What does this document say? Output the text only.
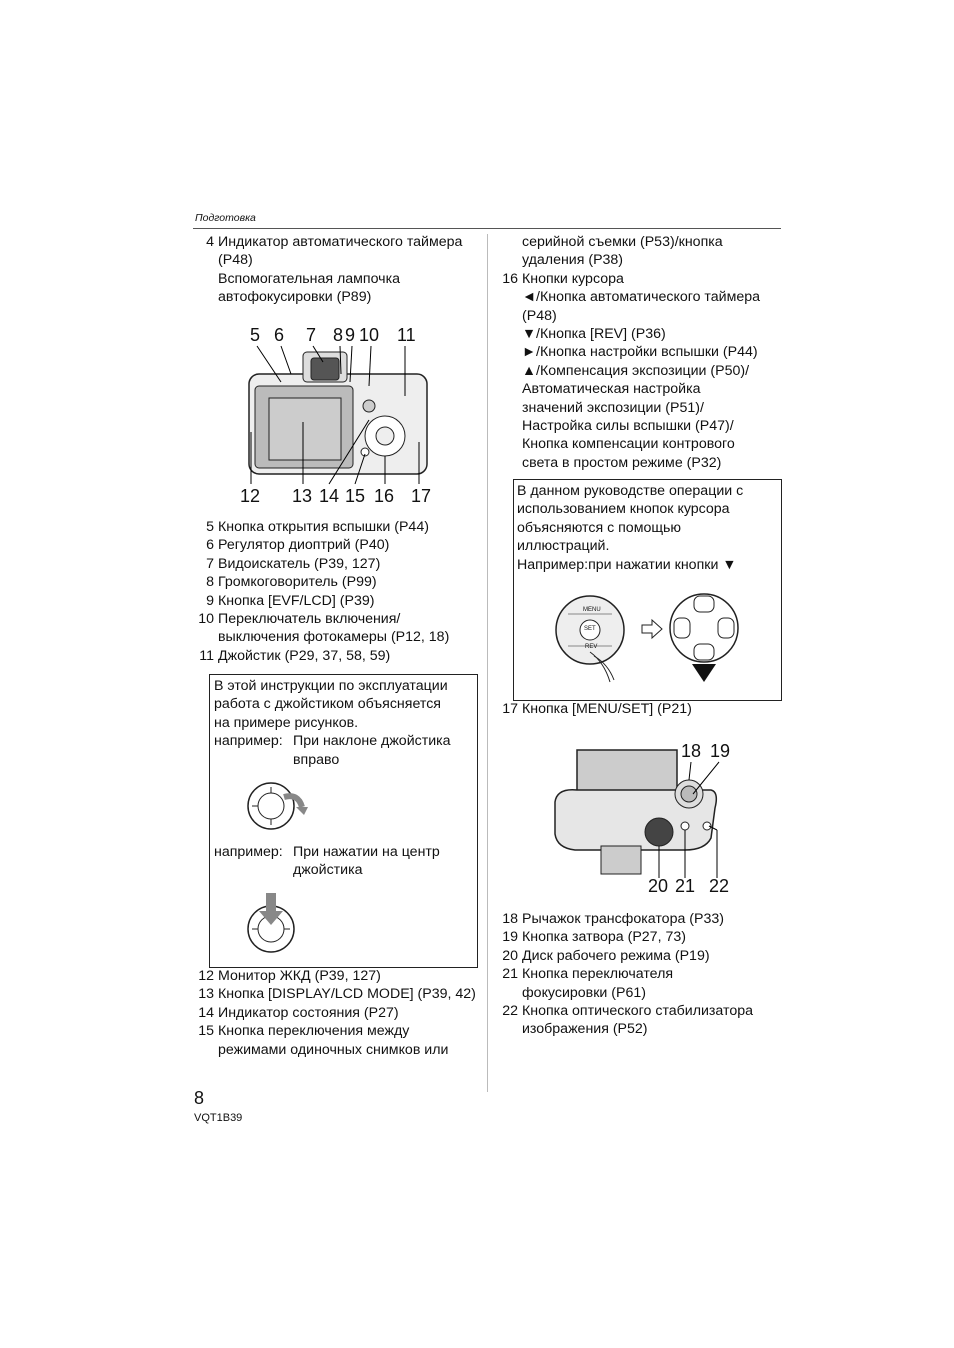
Подготовка
4 Индикатор автоматического таймера
(P48)
Вспомогательная лампочка
автофокусировки (P89)
5 6 7 8 9 10 11
12 13 14 15 16 17
5 Кнопка открытия вспышки (P44)
6 Регулятор диоптрий (P40)
7 Видоискатель (P39, 127)
8 Громкоговоритель (P99)
9 Кнопка [EVF/LCD] (P39)
10 Переключатель включения/
выключения фотокамеры (P12, 18)
11 Джойстик (P29, 37, 58, 59)
В этой инструкции по эксплуатации
работа с джойстиком объясняется
на примере рисунков.
например: При наклоне джойстика
вправо
например: При нажатии на центр
джойстика
12 Монитор ЖКД (P39, 127)
13 Кнопка [DISPLAY/LCD MODE] (P39, 42)
14 Индикатор состояния (P27)
15 Кнопка переключения между
режимами одиночных снимков или
серийной съемки (P53)/кнопка
удаления (P38)
16 Кнопки курсора
◄/Кнопка автоматического таймера
(P48)
▼/Кнопка [REV] (P36)
►/Кнопка настройки вспышки (P44)
▲/Компенсация экспозиции (P50)/
Автоматическая настройка
значений экспозиции (P51)/
Настройка силы вспышки (P47)/
Кнопка компенсации контрового
света в простом режиме (P32)
В данном руководстве операции с
использованием кнопок курсора
объясняются с помощью
иллюстраций.
Например:при нажатии кнопки ▼
MENU
SET
REV
17 Кнопка [MENU/SET] (P21)
18 19
20 21 22
18 Рычажок трансфокатора (P33)
19 Кнопка затвора (P27, 73)
20 Диск рабочего режима (P19)
21 Кнопка переключателя
фокусировки (P61)
22 Кнопка оптического стабилизатора
изображения (P52)
8
VQT1B39
